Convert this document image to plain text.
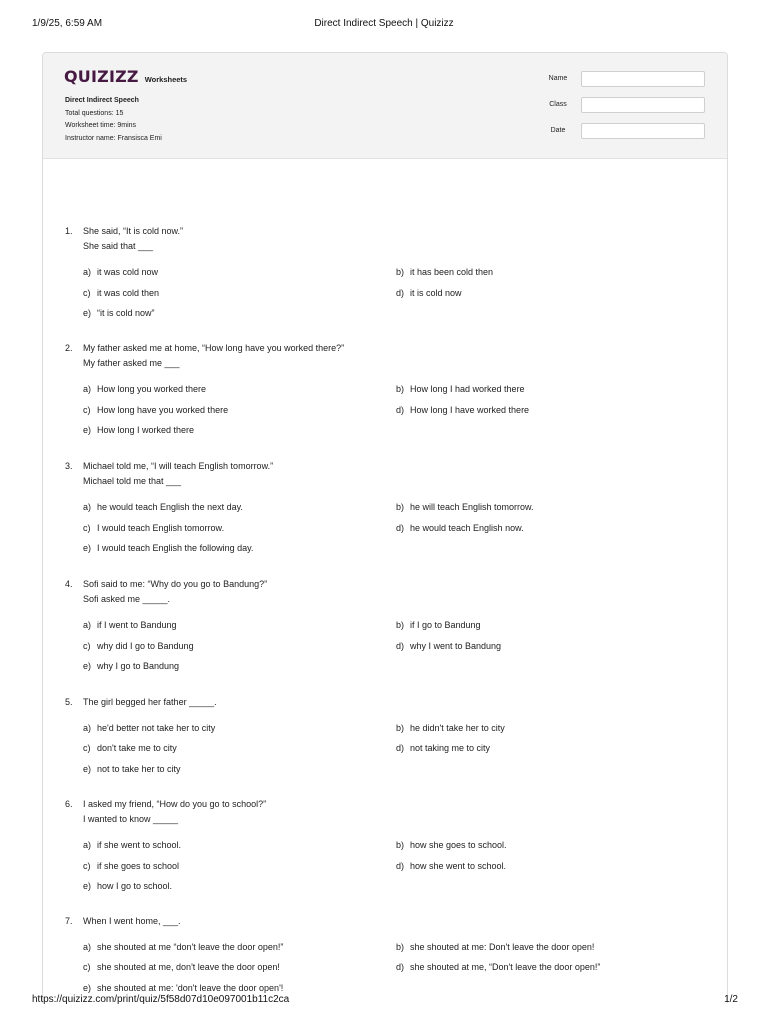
1/9/25, 6:59 AM	Direct Indirect Speech | Quizizz
QUIZIZZ Worksheets
Direct Indirect Speech
Total questions: 15
Worksheet time: 9mins
Instructor name: Fransisca Emi
Name
Class
Date
1. She said, “It is cold now.”
She said that ___
a) it was cold now	b) it has been cold then
c) it was cold then	d) it is cold now
e) “it is cold now”
2. My father asked me at home, “How long have you worked there?”
My father asked me ___
a) How long you worked there	b) How long I had worked there
c) How long have you worked there	d) How long I have worked there
e) How long I worked there
3. Michael told me, “I will teach English tomorrow.”
Michael told me that ___
a) he would teach English the next day.	b) he will teach English tomorrow.
c) I would teach English tomorrow.	d) he would teach English now.
e) I would teach English the following day.
4. Sofi said to me: “Why do you go to Bandung?”
Sofi asked me _____.
a) if I went to Bandung	b) if I go to Bandung
c) why did I go to Bandung	d) why I went to Bandung
e) why I go to Bandung
5. The girl begged her father _____.
a) he'd better not take her to city	b) he didn't take her to city
c) don't take me to city	d) not taking me to city
e) not to take her to city
6. I asked my friend, “How do you go to school?”
I wanted to know _____
a) if she went to school.	b) how she goes to school.
c) if she goes to school	d) how she went to school.
e) how I go to school.
7. When I went home, ___.
a) she shouted at me “don't leave the door open!”	b) she shouted at me: Don't leave the door open!
c) she shouted at me, don't leave the door open!	d) she shouted at me, “Don't leave the door open!”
e) she shouted at me: 'don't leave the door open'!
https://quizizz.com/print/quiz/5f58d07d10e097001b11c2ca	1/2
